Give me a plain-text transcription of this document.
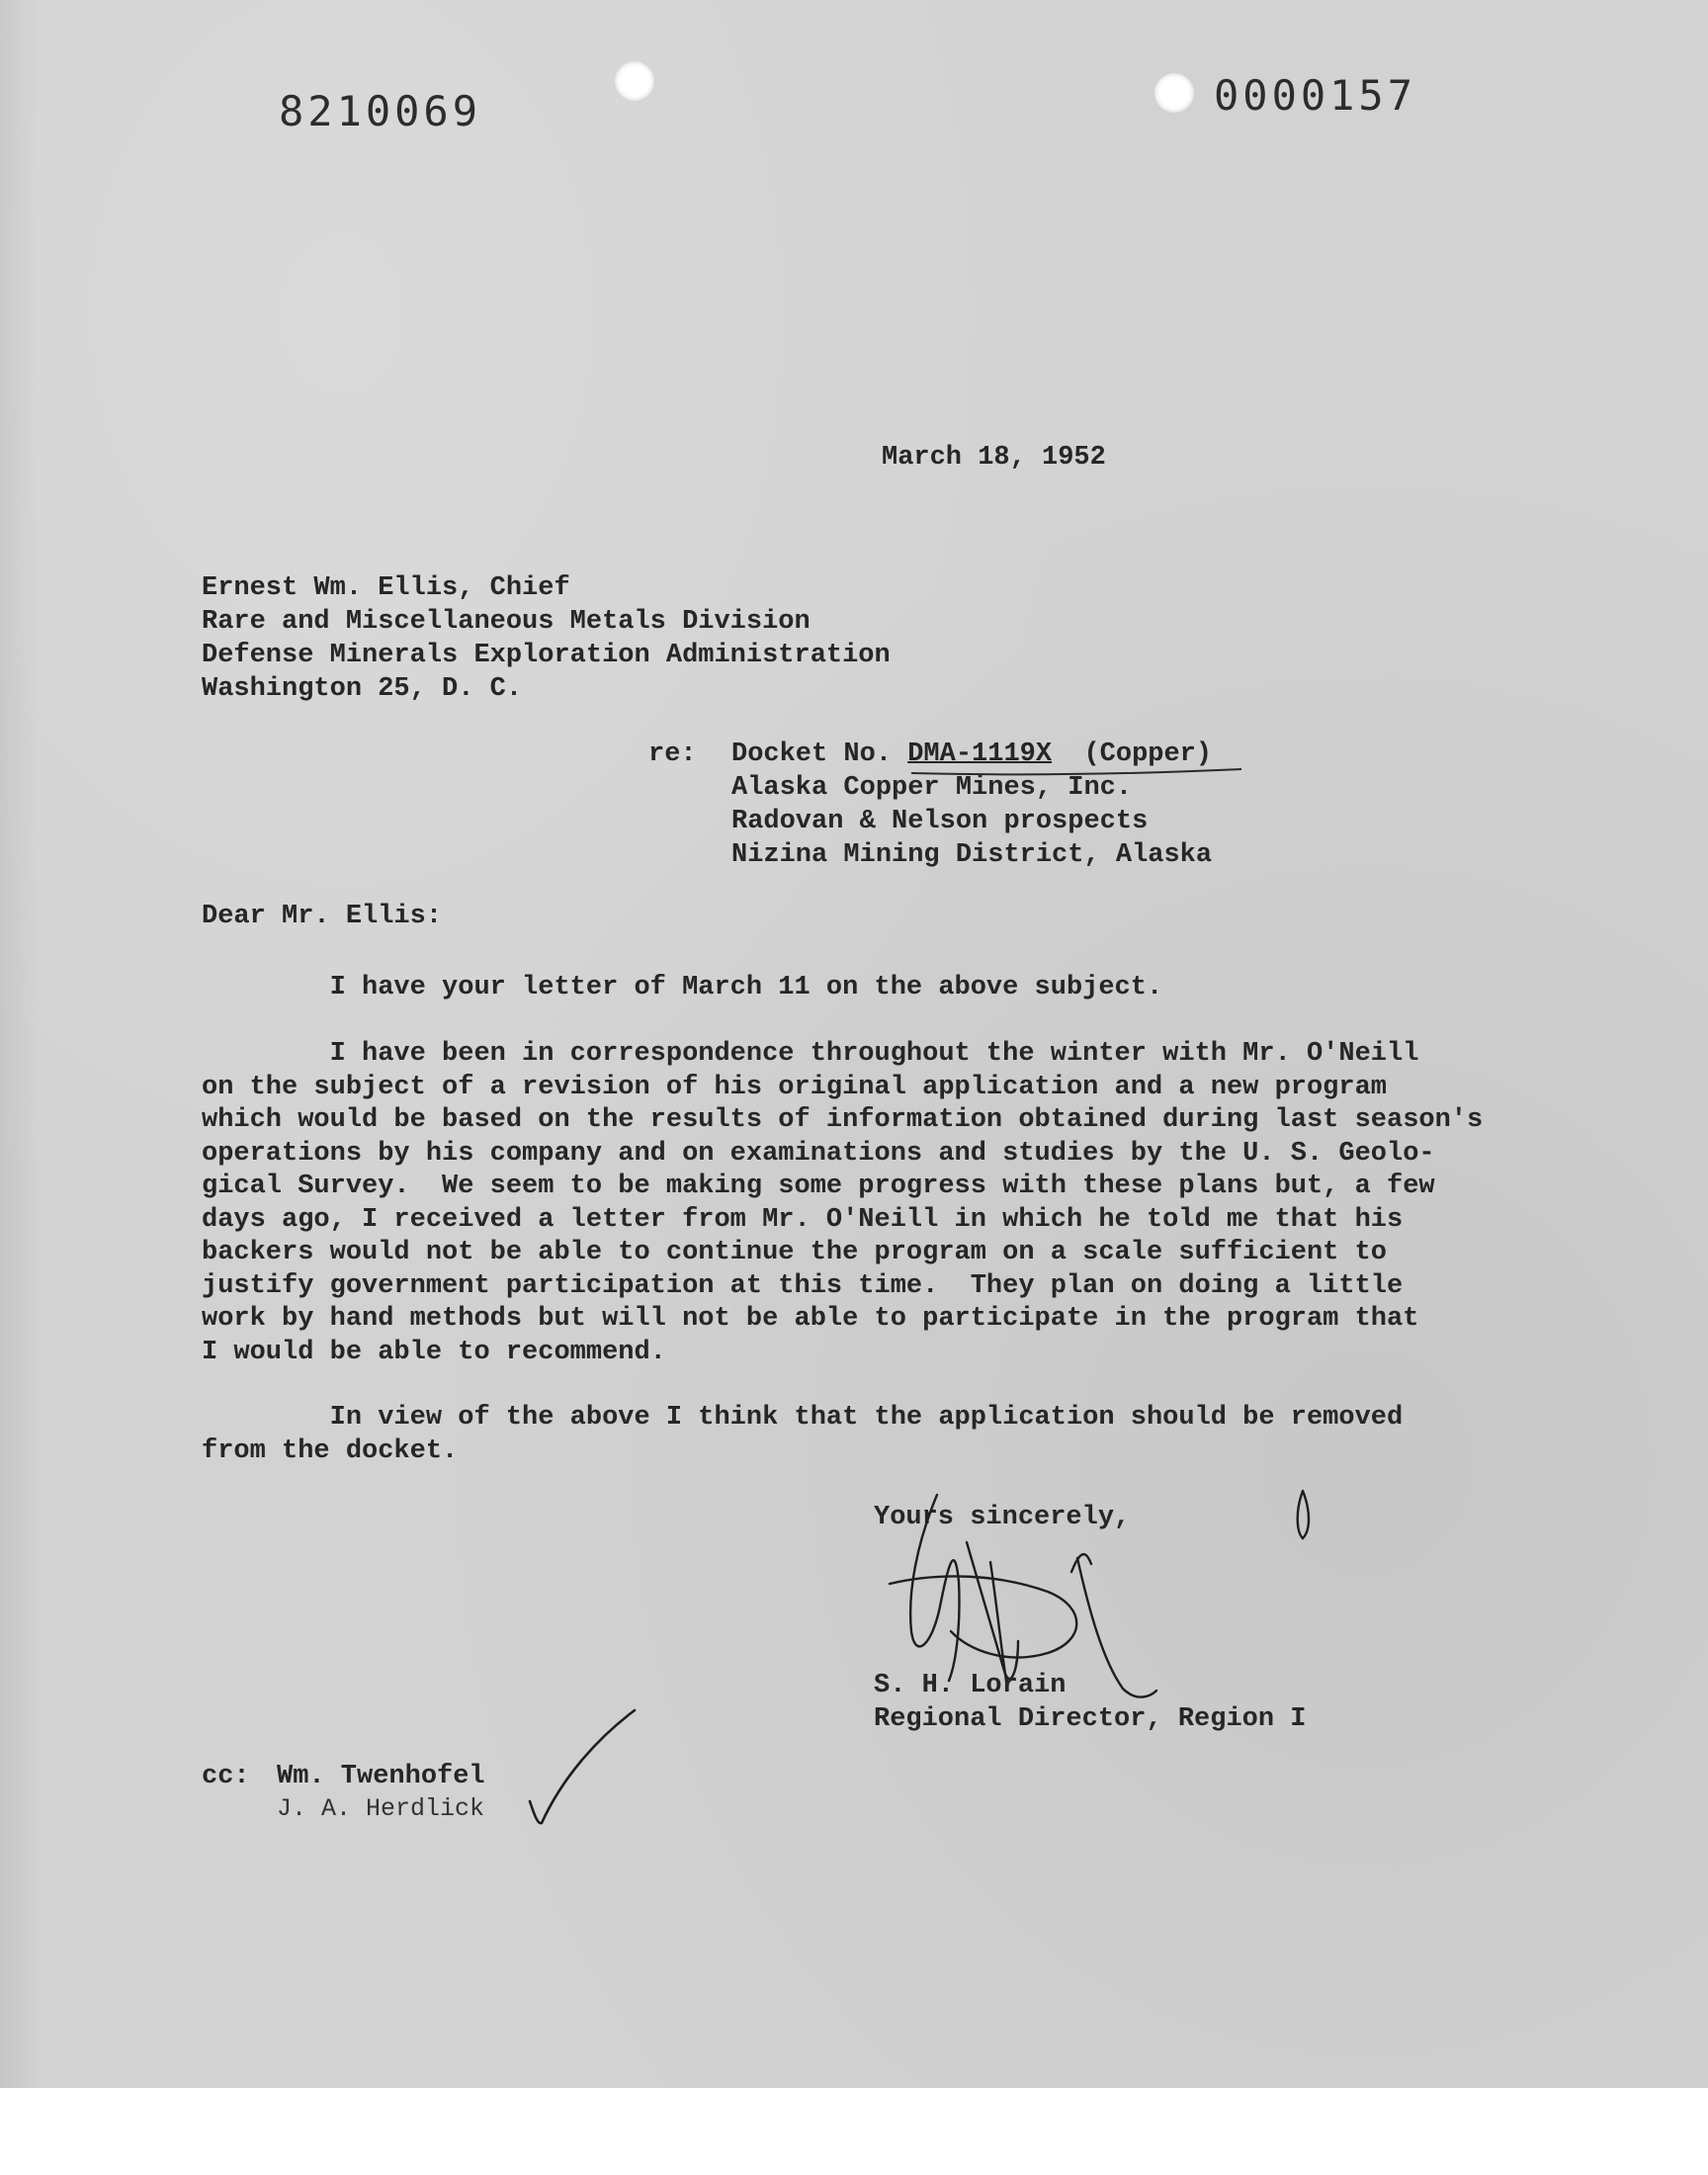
8210069	0000157
March 18, 1952
Ernest Wm. Ellis, Chief
Rare and Miscellaneous Metals Division
Defense Minerals Exploration Administration
Washington 25, D. C.
re: Docket No. DMA-1119X  (Copper)
Alaska Copper Mines, Inc.
Radovan & Nelson prospects
Nizina Mining District, Alaska
Dear Mr. Ellis:
I have your letter of March 11 on the above subject.
I have been in correspondence throughout the winter with Mr. O'Neill
on the subject of a revision of his original application and a new program
which would be based on the results of information obtained during last season's
operations by his company and on examinations and studies by the U. S. Geolo-
gical Survey.  We seem to be making some progress with these plans but, a few
days ago, I received a letter from Mr. O'Neill in which he told me that his
backers would not be able to continue the program on a scale sufficient to
justify government participation at this time.  They plan on doing a little
work by hand methods but will not be able to participate in the program that
I would be able to recommend.
In view of the above I think that the application should be removed
from the docket.
Yours sincerely,
S. H. Lorain
Regional Director, Region I
cc: Wm. Twenhofel
J. A. Herdlick
